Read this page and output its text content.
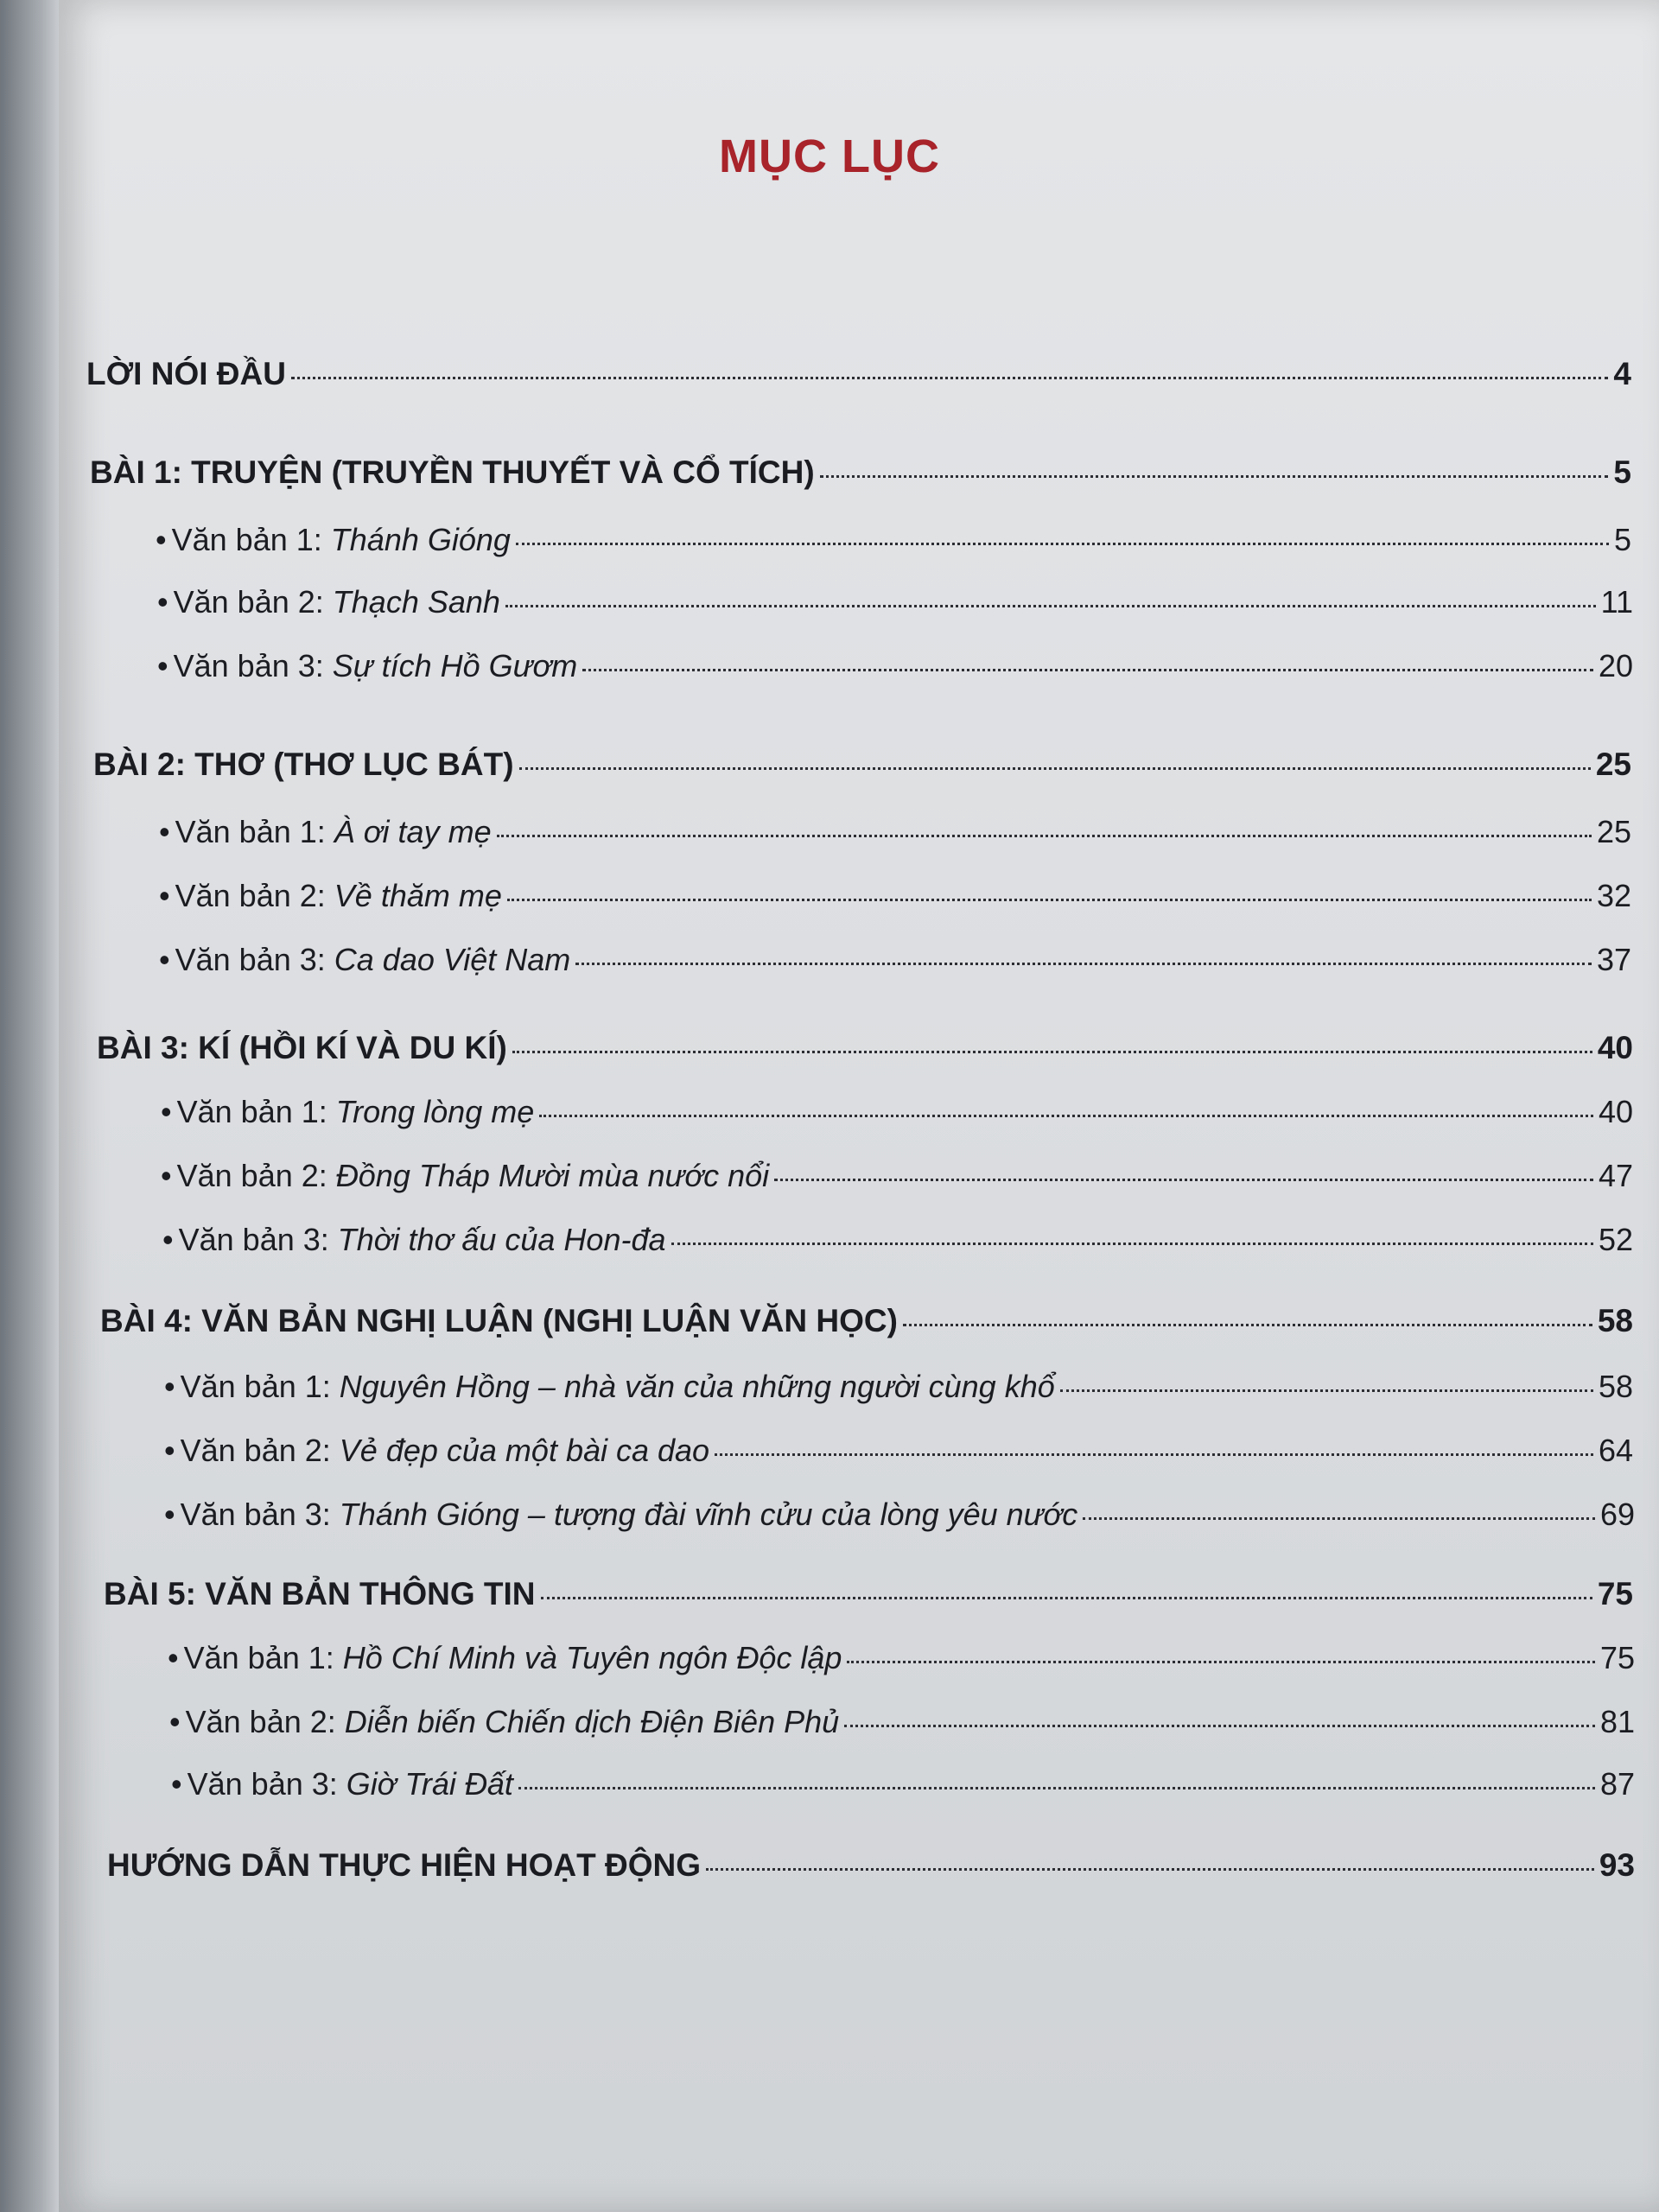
MỤC LỤC
LỜI NÓI ĐẦU	4
BÀI 1: TRUYỆN (TRUYỀN THUYẾT VÀ CỔ TÍCH)	5
• Văn bản 1: Thánh Gióng	5
• Văn bản 2: Thạch Sanh	11
• Văn bản 3: Sự tích Hồ Gươm	20
BÀI 2: THƠ (THƠ LỤC BÁT)	25
• Văn bản 1: À ơi tay mẹ	25
• Văn bản 2: Về thăm mẹ	32
• Văn bản 3: Ca dao Việt Nam	37
BÀI 3: KÍ (HỒI KÍ VÀ DU KÍ)	40
• Văn bản 1: Trong lòng mẹ	40
• Văn bản 2: Đồng Tháp Mười mùa nước nổi	47
• Văn bản 3: Thời thơ ấu của Hon-đa	52
BÀI 4: VĂN BẢN NGHỊ LUẬN (NGHỊ LUẬN VĂN HỌC)	58
• Văn bản 1: Nguyên Hồng – nhà văn của những người cùng khổ	58
• Văn bản 2: Vẻ đẹp của một bài ca dao	64
• Văn bản 3: Thánh Gióng – tượng đài vĩnh cửu của lòng yêu nước	69
BÀI 5: VĂN BẢN THÔNG TIN	75
• Văn bản 1: Hồ Chí Minh và Tuyên ngôn Độc lập	75
• Văn bản 2: Diễn biến Chiến dịch Điện Biên Phủ	81
• Văn bản 3: Giờ Trái Đất	87
HƯỚNG DẪN THỰC HIỆN HOẠT ĐỘNG	93
